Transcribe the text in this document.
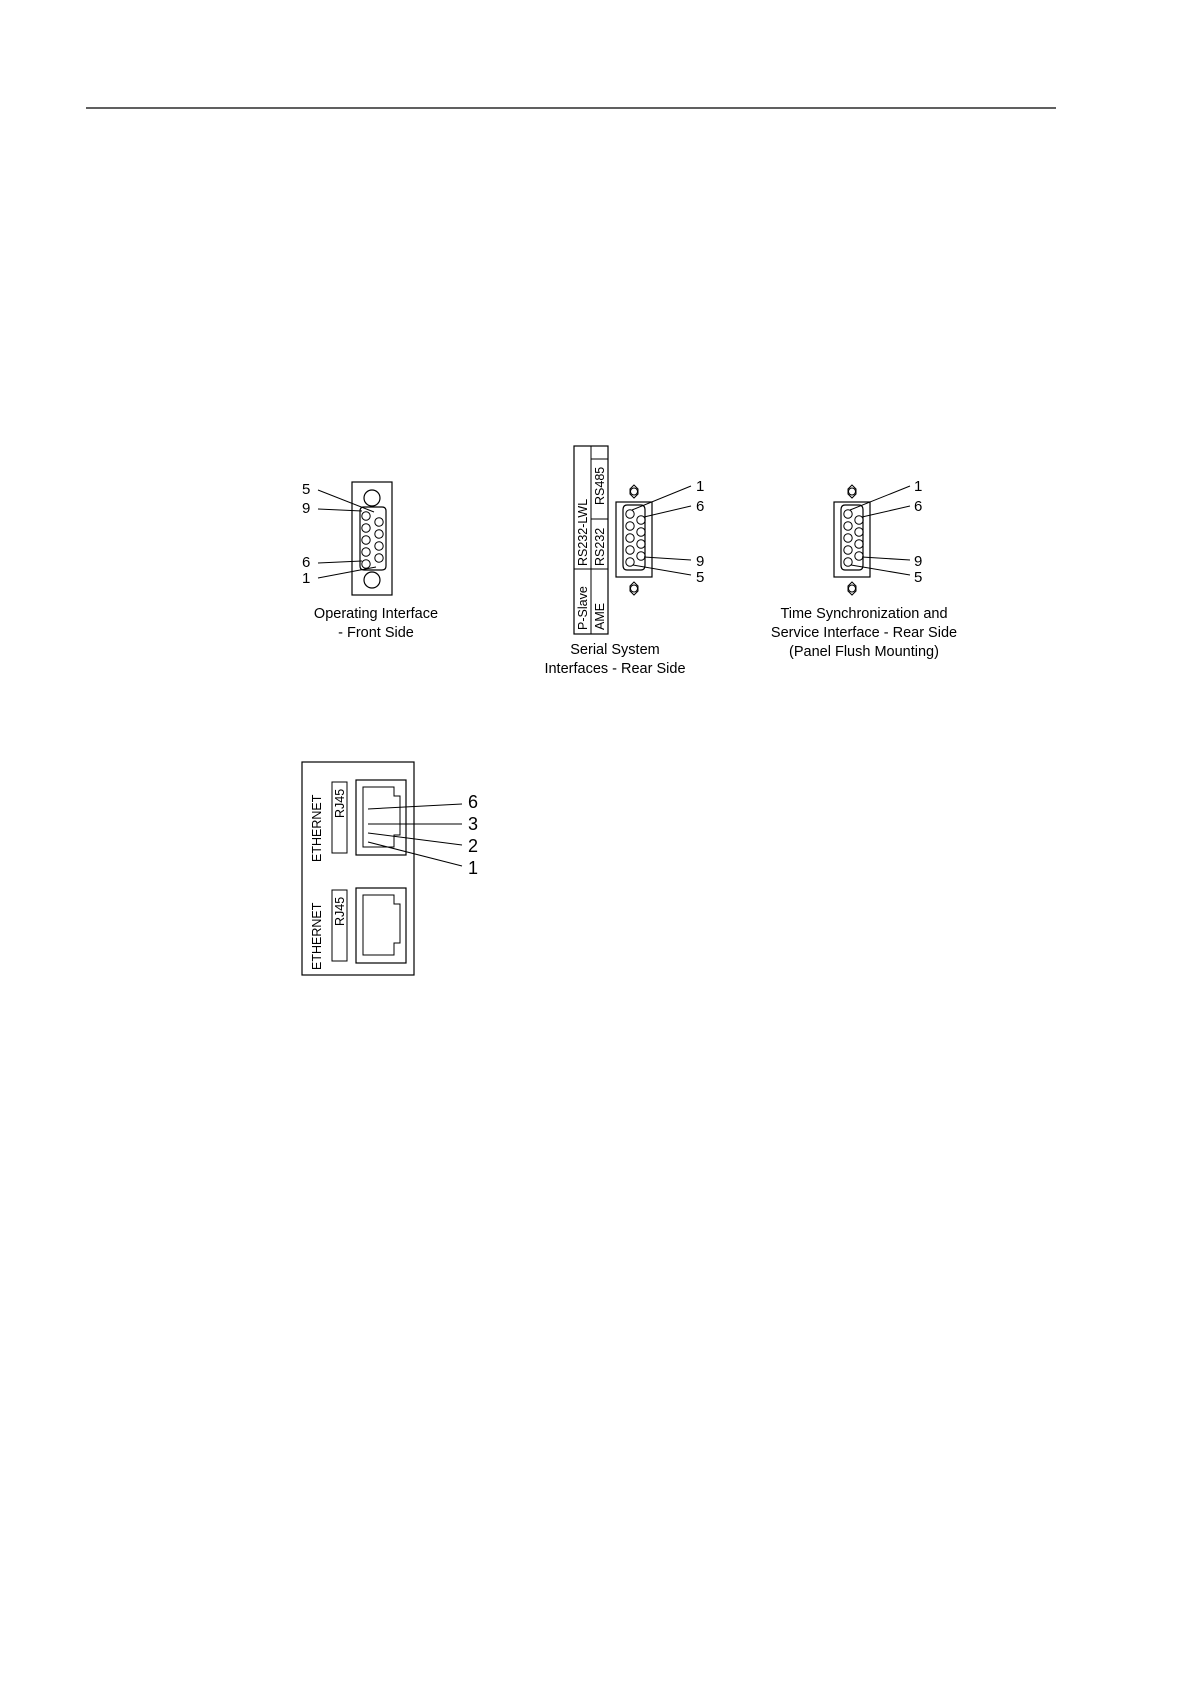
5
9
6
1
Operating Interface
- Front Side
RS485
RS232-LWL RS232
P-Slave AME
1
6
9
5
Serial System
Interfaces - Rear Side
1
6
9
5
Time Synchronization and
Service Interface - Rear Side
(Panel Flush Mounting)
ETHERNET RJ45
ETHERNET RJ45
6
3
2
1
